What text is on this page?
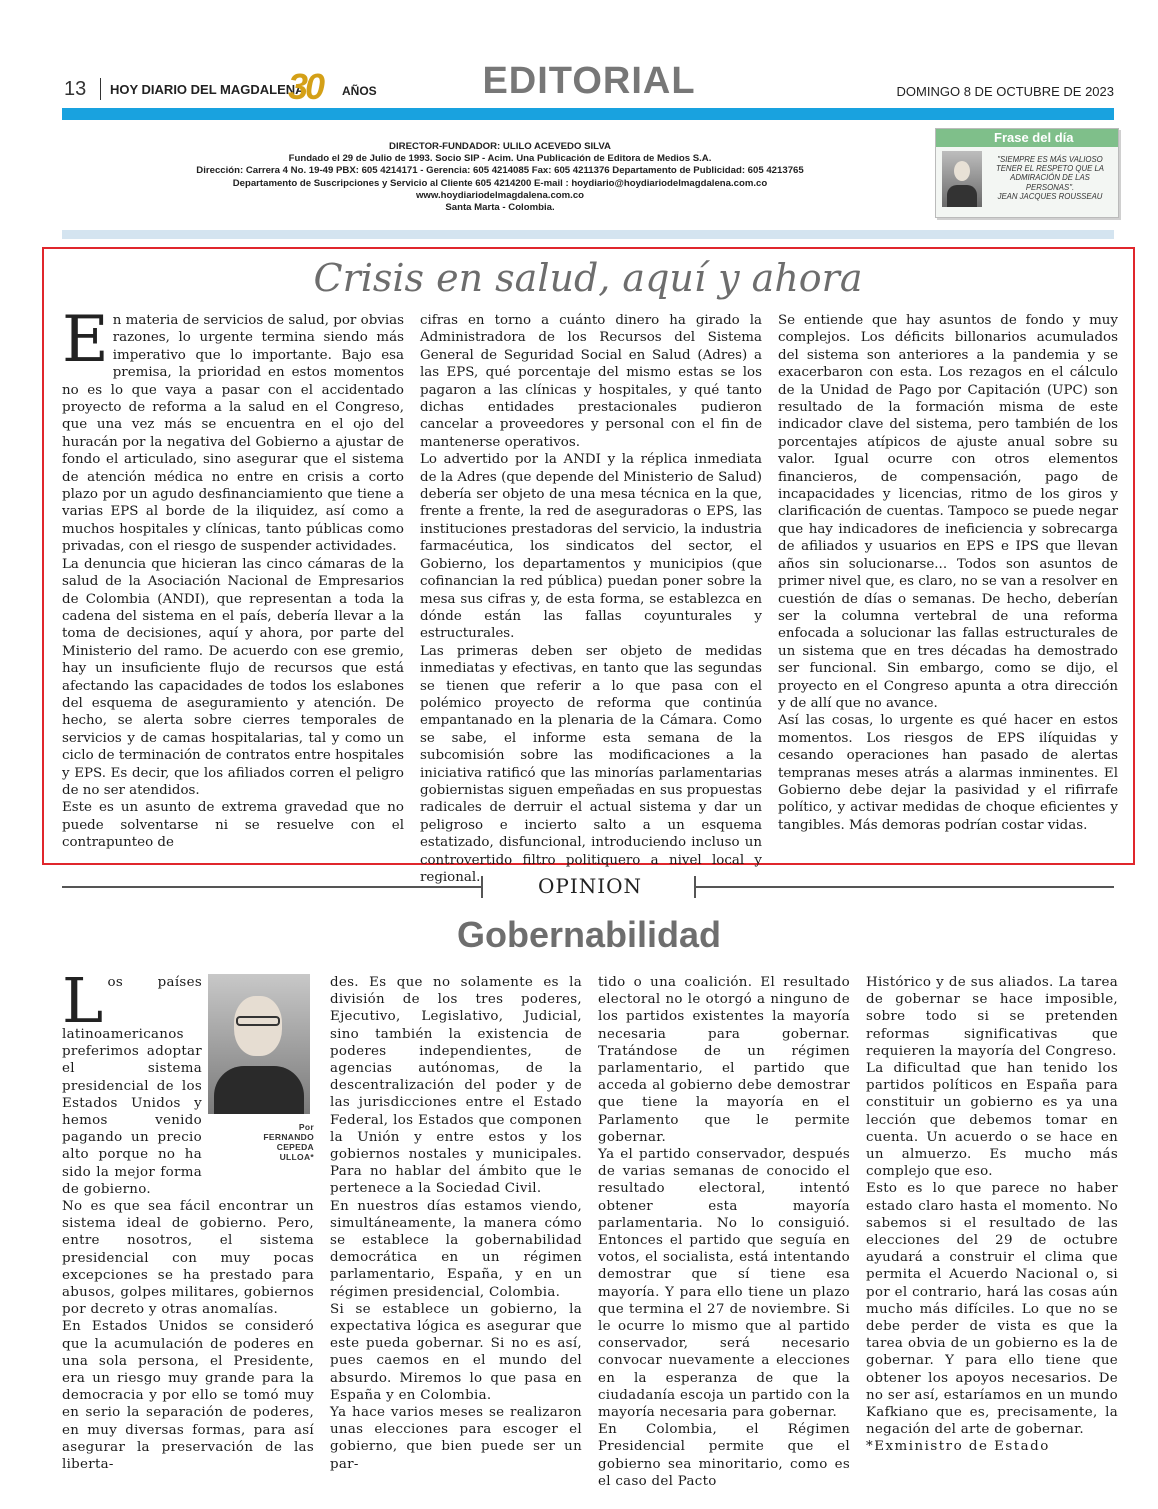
13 HOY DIARIO DEL MAGDALENA
30 AÑOS	EDITORIAL	DOMINGO 8 DE OCTUBRE DE 2023
DIRECTOR-FUNDADOR: ULILO ACEVEDO SILVA
Fundado el 29 de Julio de 1993. Socio SIP - Acim. Una Publicación de Editora de Medios S.A.
Dirección: Carrera 4 No. 19-49 PBX: 605 4214171 - Gerencia: 605 4214085 Fax: 605 4211376 Departamento de Publicidad: 605 4213765
Departamento de Suscripciones y Servicio al Cliente 605 4214200 E-mail : hoydiario@hoydiariodelmagdalena.com.co
www.hoydiariodelmagdalena.com.co
Santa Marta - Colombia.
Frase del día
"SIEMPRE ES MÁS VALIOSO TENER EL RESPETO QUE LA ADMIRACIÓN DE LAS PERSONAS".
JEAN JACQUES ROUSSEAU
Crisis en salud, aquí y ahora

En materia de servicios de salud, por obvias razones, lo urgente termina siendo más imperativo que lo importante. Bajo esa premisa, la prioridad en estos momentos no es lo que vaya a pasar con el accidentado proyecto de reforma a la salud en el Congreso, que una vez más se encuentra en el ojo del huracán por la negativa del Gobierno a ajustar de fondo el articulado, sino asegurar que el sistema de atención médica no entre en crisis a corto plazo por un agudo desfinanciamiento que tiene a varias EPS al borde de la iliquidez, así como a muchos hospitales y clínicas, tanto públicas como privadas, con el riesgo de suspender actividades.

La denuncia que hicieran las cinco cámaras de la salud de la Asociación Nacional de Empresarios de Colombia (ANDI), que representan a toda la cadena del sistema en el país, debería llevar a la toma de decisiones, aquí y ahora, por parte del Ministerio del ramo. De acuerdo con ese gremio, hay un insuficiente flujo de recursos que está afectando las capacidades de todos los eslabones del esquema de aseguramiento y atención. De hecho, se alerta sobre cierres temporales de servicios y de camas hospitalarias, tal y como un ciclo de terminación de contratos entre hospitales y EPS. Es decir, que los afiliados corren el peligro de no ser atendidos.

Este es un asunto de extrema gravedad que no puede solventarse ni se resuelve con el contrapunteo de

cifras en torno a cuánto dinero ha girado la Administradora de los Recursos del Sistema General de Seguridad Social en Salud (Adres) a las EPS, qué porcentaje del mismo estas se los pagaron a las clínicas y hospitales, y qué tanto dichas entidades prestacionales pudieron cancelar a proveedores y personal con el fin de mantenerse operativos.

Lo advertido por la ANDI y la réplica inmediata de la Adres (que depende del Ministerio de Salud) debería ser objeto de una mesa técnica en la que, frente a frente, la red de aseguradoras o EPS, las instituciones prestadoras del servicio, la industria farmacéutica, los sindicatos del sector, el Gobierno, los departamentos y municipios (que cofinancian la red pública) puedan poner sobre la mesa sus cifras y, de esta forma, se establezca en dónde están las fallas coyunturales y estructurales.

Las primeras deben ser objeto de medidas inmediatas y efectivas, en tanto que las segundas se tienen que referir a lo que pasa con el polémico proyecto de reforma que continúa empantanado en la plenaria de la Cámara. Como se sabe, el informe esta semana de la subcomisión sobre las modificaciones a la iniciativa ratificó que las minorías parlamentarias gobiernistas siguen empeñadas en sus propuestas radicales de derruir el actual sistema y dar un peligroso e incierto salto a un esquema estatizado, disfuncional, introduciendo incluso un controvertido filtro politiquero a nivel local y regional.

Se entiende que hay asuntos de fondo y muy complejos. Los déficits billonarios acumulados del sistema son anteriores a la pandemia y se exacerbaron con esta. Los rezagos en el cálculo de la Unidad de Pago por Capitación (UPC) son resultado de la formación misma de este indicador clave del sistema, pero también de los porcentajes atípicos de ajuste anual sobre su valor. Igual ocurre con otros elementos financieros, de compensación, pago de incapacidades y licencias, ritmo de los giros y clarificación de cuentas. Tampoco se puede negar que hay indicadores de ineficiencia y sobrecarga de afiliados y usuarios en EPS e IPS que llevan años sin solucionarse... Todos son asuntos de primer nivel que, es claro, no se van a resolver en cuestión de días o semanas. De hecho, deberían ser la columna vertebral de una reforma enfocada a solucionar las fallas estructurales de un sistema que en tres décadas ha demostrado ser funcional. Sin embargo, como se dijo, el proyecto en el Congreso apunta a otra dirección y de allí que no avance.

Así las cosas, lo urgente es qué hacer en estos momentos. Los riesgos de EPS ilíquidas y cesando operaciones han pasado de alertas tempranas meses atrás a alarmas inminentes. El Gobierno debe dejar la pasividad y el rifirrafe político, y activar medidas de choque eficientes y tangibles. Más demoras podrían costar vidas.

OPINION
Gobernabilidad
Por
FERNANDO
CEPEDA
ULLOA*

Los países latinoamericanos preferimos adoptar el sistema presidencial de los Estados Unidos y hemos venido pagando un precio alto porque no ha sido la mejor forma de gobierno.

No es que sea fácil encontrar un sistema ideal de gobierno. Pero, entre nosotros, el sistema presidencial con muy pocas excepciones se ha prestado para abusos, golpes militares, gobiernos por decreto y otras anomalías.

En Estados Unidos se consideró que la acumulación de poderes en una sola persona, el Presidente, era un riesgo muy grande para la democracia y por ello se tomó muy en serio la separación de poderes, en muy diversas formas, para así asegurar la preservación de las liberta-

des. Es que no solamente es la división de los tres poderes, Ejecutivo, Legislativo, Judicial, sino también la existencia de poderes independientes, de agencias autónomas, de la descentralización del poder y de las jurisdicciones entre el Estado Federal, los Estados que componen la Unión y entre estos y los gobiernos nostales y municipales. Para no hablar del ámbito que le pertenece a la Sociedad Civil.

En nuestros días estamos viendo, simultáneamente, la manera cómo se establece la gobernabilidad democrática en un régimen parlamentario, España, y en un régimen presidencial, Colombia.

Si se establece un gobierno, la expectativa lógica es asegurar que este pueda gobernar. Si no es así, pues caemos en el mundo del absurdo. Miremos lo que pasa en España y en Colombia.

Ya hace varios meses se realizaron unas elecciones para escoger el gobierno, que bien puede ser un par-

tido o una coalición. El resultado electoral no le otorgó a ninguno de los partidos existentes la mayoría necesaria para gobernar. Tratándose de un régimen parlamentario, el partido que acceda al gobierno debe demostrar que tiene la mayoría en el Parlamento que le permite gobernar.

Ya el partido conservador, después de varias semanas de conocido el resultado electoral, intentó obtener esta mayoría parlamentaria. No lo consiguió. Entonces el partido que seguía en votos, el socialista, está intentando demostrar que sí tiene esa mayoría. Y para ello tiene un plazo que termina el 27 de noviembre. Si le ocurre lo mismo que al partido conservador, será necesario convocar nuevamente a elecciones en la esperanza de que la ciudadanía escoja un partido con la mayoría necesaria para gobernar.

En Colombia, el Régimen Presidencial permite que el gobierno sea minoritario, como es el caso del Pacto

Histórico y de sus aliados. La tarea de gobernar se hace imposible, sobre todo si se pretenden reformas significativas que requieren la mayoría del Congreso.

La dificultad que han tenido los partidos políticos en España para constituir un gobierno es ya una lección que debemos tomar en cuenta. Un acuerdo o se hace en un almuerzo. Es mucho más complejo que eso.

Esto es lo que parece no haber estado claro hasta el momento. No sabemos si el resultado de las elecciones del 29 de octubre ayudará a construir el clima que permita el Acuerdo Nacional o, si por el contrario, hará las cosas aún mucho más difíciles. Lo que no se debe perder de vista es que la tarea obvia de un gobierno es la de gobernar. Y para ello tiene que obtener los apoyos necesarios. De no ser así, estaríamos en un mundo Kafkiano que es, precisamente, la negación del arte de gobernar.

*Exministro de Estado
